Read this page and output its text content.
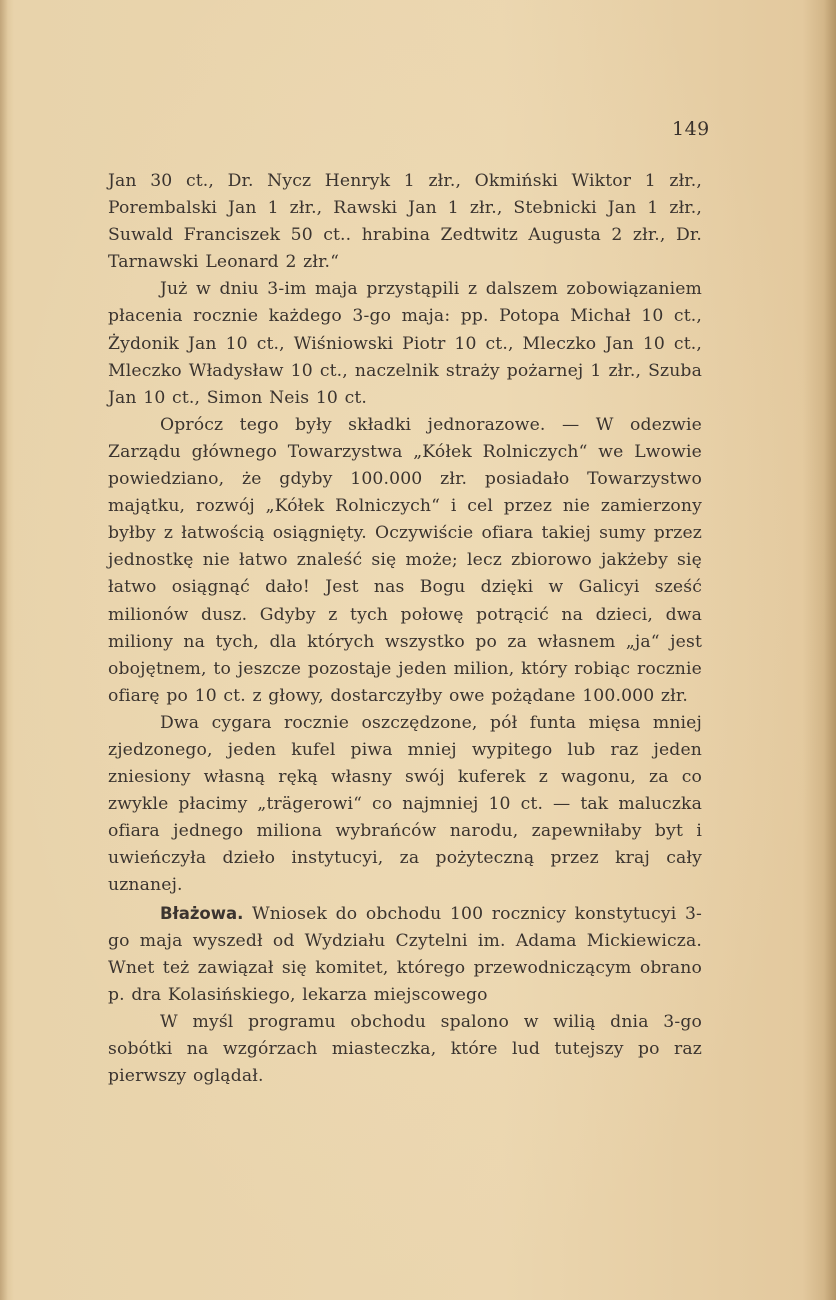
149

Jan 30 ct., Dr. Nycz Henryk 1 złr., Okmiński Wiktor 1 złr., Porembalski Jan 1 złr., Rawski Jan 1 złr., Stebnicki Jan 1 złr., Suwald Franciszek 50 ct.. hrabina Zedtwitz Augusta 2 złr., Dr. Tarnawski Leonard 2 złr.“

Już w dniu 3-im maja przystąpili z dalszem zobowiązaniem płacenia rocznie każdego 3-go maja: pp. Potopa Michał 10 ct., Żydonik Jan 10 ct., Wiśniowski Piotr 10 ct., Mleczko Jan 10 ct., Mleczko Władysław 10 ct., naczelnik straży pożarnej 1 złr., Szuba Jan 10 ct., Simon Neis 10 ct.

Oprócz tego były składki jednorazowe. — W odezwie Zarządu głównego Towarzystwa „Kółek Rolniczych“ we Lwowie powiedziano, że gdyby 100.000 złr. posiadało Towarzystwo majątku, rozwój „Kółek Rolniczych“ i cel przez nie zamierzony byłby z łatwością osiągnięty. Oczywiście ofiara takiej sumy przez jednostkę nie łatwo znaleść się może; lecz zbiorowo jakżeby się łatwo osiągnąć dało! Jest nas Bogu dzięki w Galicyi sześć milionów dusz. Gdyby z tych połowę potrącić na dzieci, dwa miliony na tych, dla których wszystko po za własnem „ja“ jest obojętnem, to jeszcze pozostaje jeden milion, który robiąc rocznie ofiarę po 10 ct. z głowy, dostarczyłby owe pożądane 100.000 złr.

Dwa cygara rocznie oszczędzone, pół funta mięsa mniej zjedzonego, jeden kufel piwa mniej wypitego lub raz jeden zniesiony własną ręką własny swój kuferek z wagonu, za co zwykle płacimy „trägerowi“ co najmniej 10 ct. — tak maluczka ofiara jednego miliona wybrańców narodu, zapewniłaby byt i uwieńczyła dzieło instytucyi, za pożyteczną przez kraj cały uznanej.

Błażowa. Wniosek do obchodu 100 rocznicy konstytucyi 3-go maja wyszedł od Wydziału Czytelni im. Adama Mickiewicza. Wnet też zawiązał się komitet, którego przewodniczącym obrano p. dra Kolasińskiego, lekarza miejscowego

W myśl programu obchodu spalono w wilią dnia 3-go sobótki na wzgórzach miasteczka, które lud tutejszy po raz pierwszy oglądał.
